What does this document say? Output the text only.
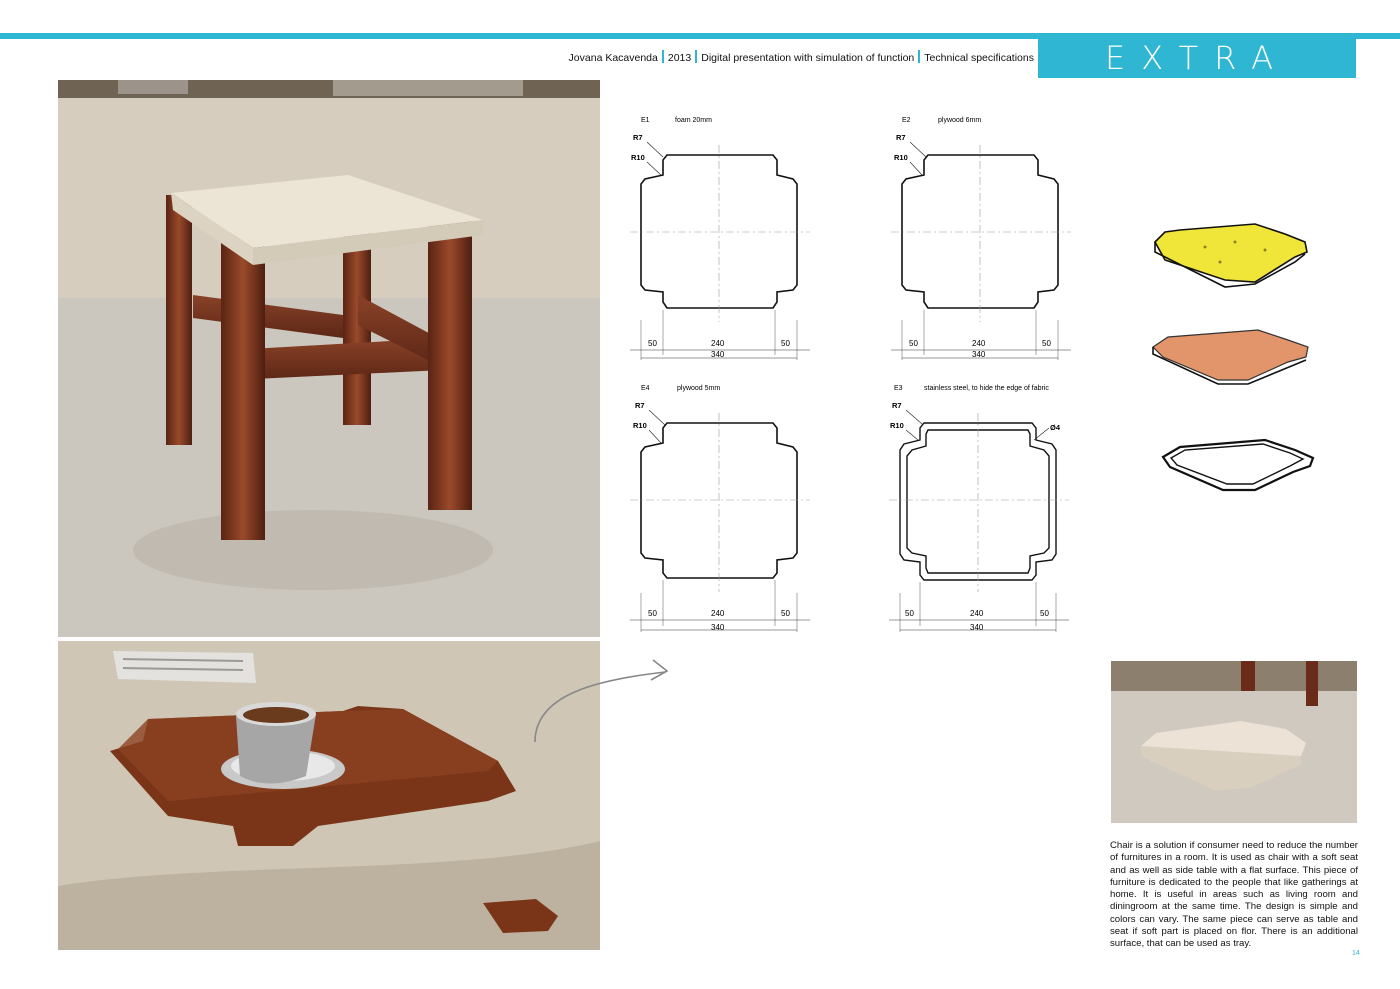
Jovana Kacavenda 2013 Digital presentation with simulation of function Technical specifications	EXTRA CHAIR
E1	foam 20mm
R7
R10
50	240	50
340
E2	plywood 6mm
R7
R10
50	240	50
340
E4	plywood 5mm
R7
R10
50	240	50
340
E3	stainless steel, to hide the edge of fabric
R7
R10	Ø4
50	240	50
340

Chair is a solution if consumer need to reduce the number of furnitures in a room. It is used as chair with a soft seat and as well as side table with a flat surface. This piece of furniture is dedicated to the people that like gatherings at home. It is useful in areas such as living room and diningroom at the same time. The design is simple and colors can vary. The same piece can serve as table and seat if soft part is placed on flor. There is an additional surface, that can be used as tray.

14
